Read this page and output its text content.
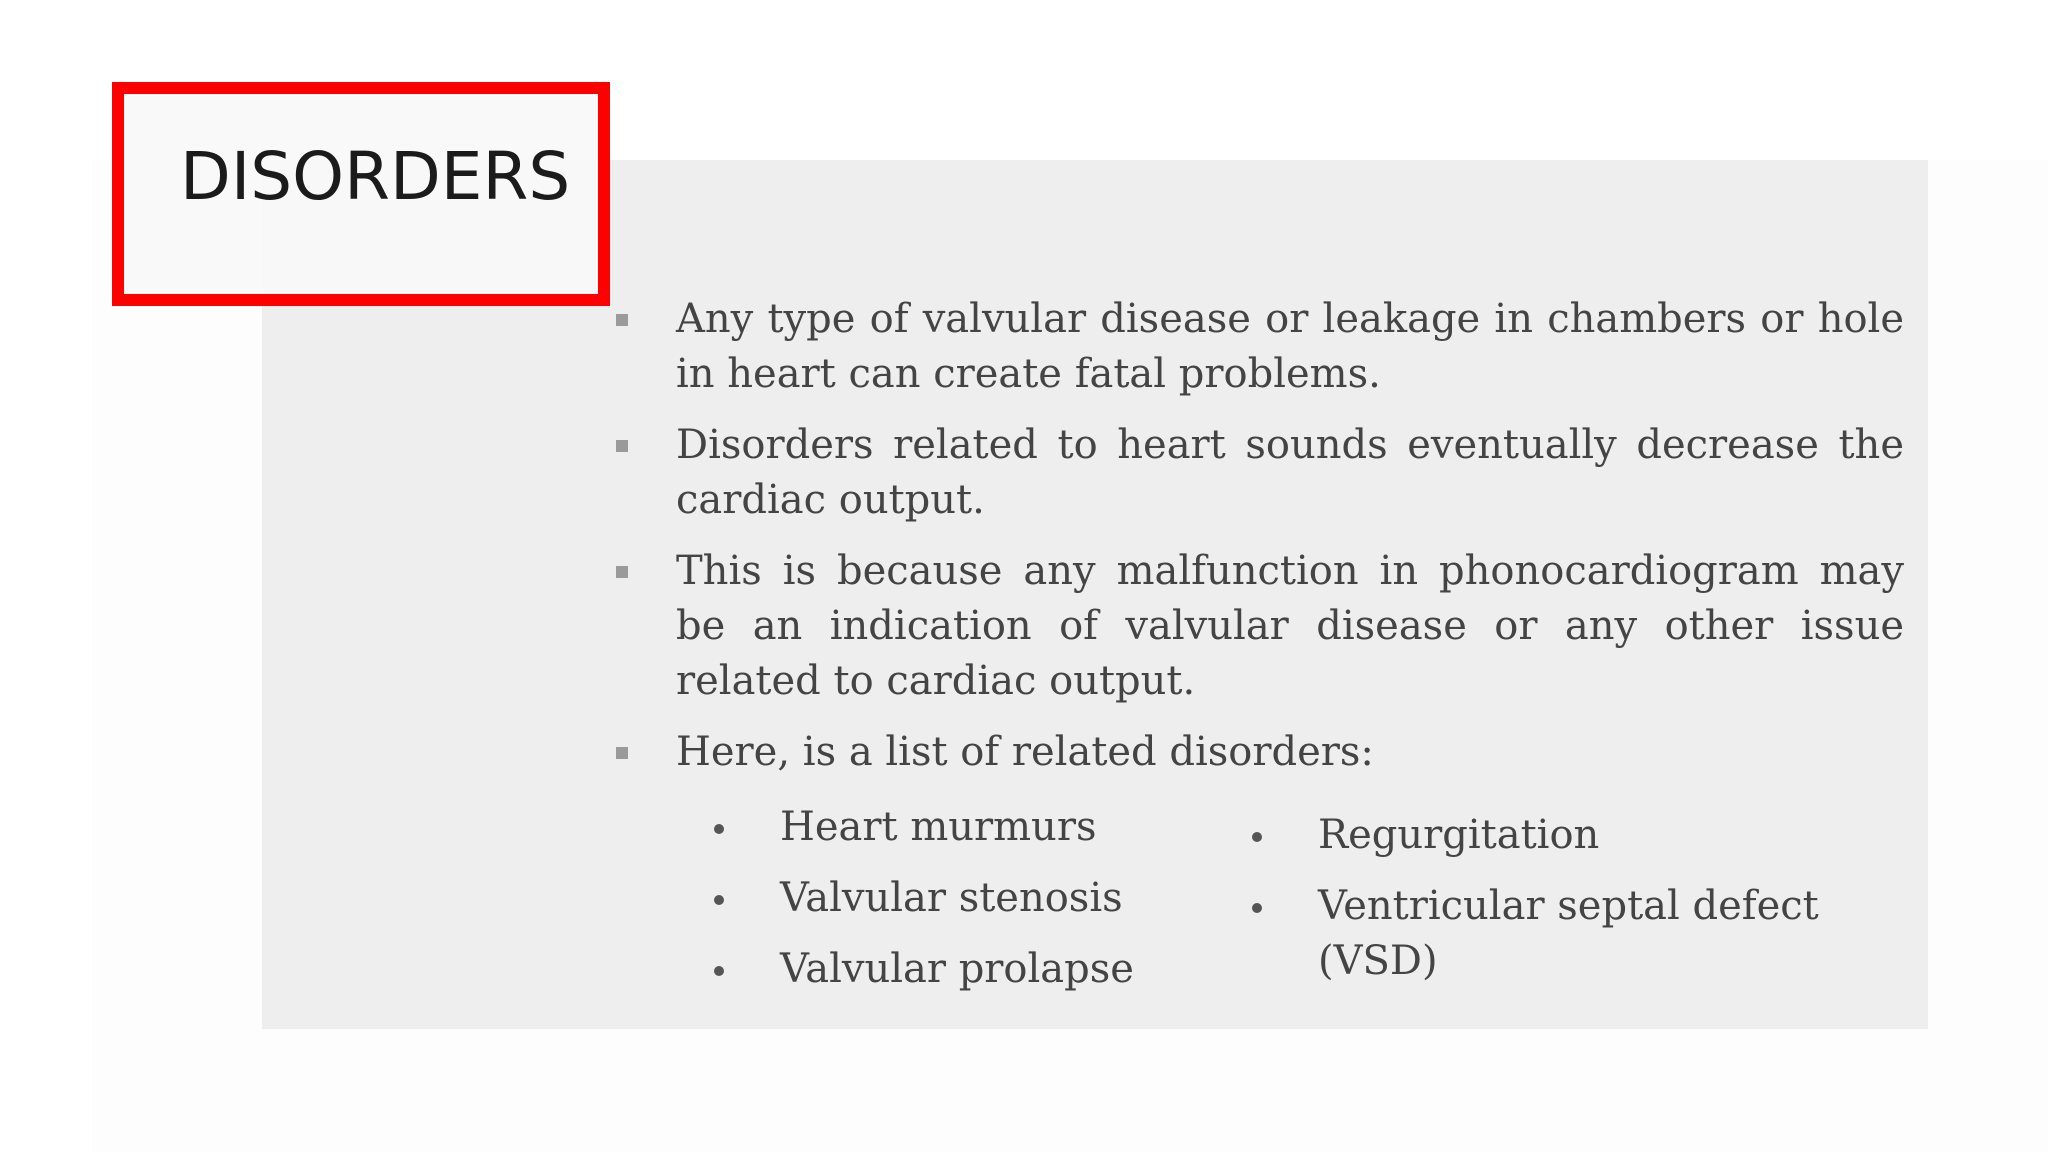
DISORDERS
Any type of valvular disease or leakage in chambers or hole in heart can create fatal problems.
Disorders related to heart sounds eventually decrease the cardiac output.
This is because any malfunction in phonocardiogram may be an indication of valvular disease or any other issue related to cardiac output.
Here, is a list of related disorders:
Heart murmurs
Valvular stenosis
Valvular prolapse
Regurgitation
Ventricular septal defect (VSD)
